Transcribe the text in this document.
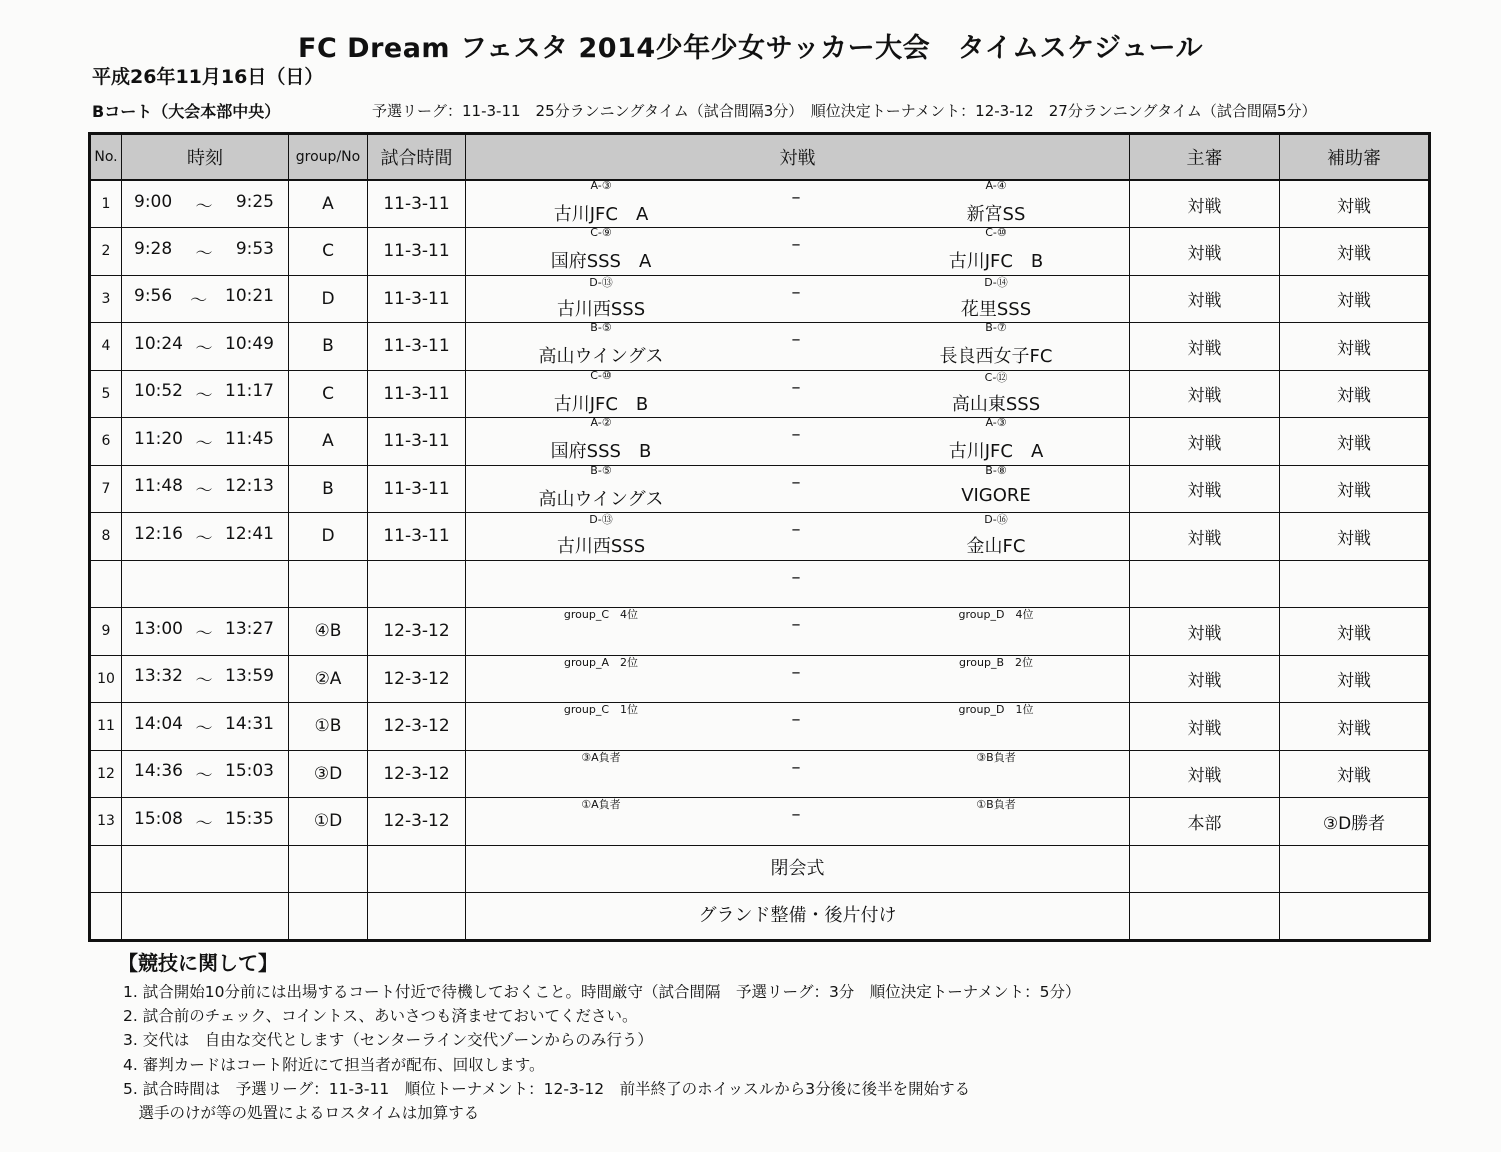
FC Dream フェスタ 2014少年少女サッカー大会　タイムスケジュール
平成26年11月16日（日）
Bコート（大会本部中央）	予選リーグ：11-3-11　25分ランニングタイム（試合間隔3分）　順位決定トーナメント：12-3-12　27分ランニングタイム（試合間隔5分）
No.	時刻	group/No	試合時間	対戦	主審	補助審
1	9:00 〜 9:25	A	11-3-11	A-③
古川JFC　A
–
A-④
新宮SS	対戦	対戦
2	9:28 〜 9:53	C	11-3-11	C-⑨
国府SSS　A
–
C-⑩
古川JFC　B	対戦	対戦
3	9:56 〜 10:21	D	11-3-11	D-⑬
古川西SSS
– D-⑭
花里SSS	対戦	対戦
4	10:24 〜 10:49	B	11-3-11	B-⑤
高山ウイングス
–
B-⑦
長良西女子FC	対戦	対戦
5	10:52 〜 11:17	C	11-3-11	C-⑩
古川JFC　B
– C-⑫
高山東SSS	対戦	対戦
6	11:20 〜 11:45	A	11-3-11	A-②
国府SSS　B
–
A-③
古川JFC　A	対戦	対戦
7	11:48 〜 12:13	B	11-3-11	B-⑤
高山ウイングス
–
B-⑧
VIGORE	対戦	対戦
8	12:16 〜 12:41	D	11-3-11	D-⑬
古川西SSS
– D-⑯
金山FC	対戦	対戦

				–		

9	13:00 〜 13:27	④B	12-3-12	group_C　4位 – group_D　4位	対戦	対戦
10	13:32 〜 13:59	②A	12-3-12	group_A　2位 – group_B　2位	対戦	対戦
11	14:04 〜 14:31	①B	12-3-12	group_C　1位 – group_D　1位	対戦	対戦
12	14:36 〜 15:03	③D	12-3-12	③A負者 – ③B負者	対戦	対戦
13	15:08 〜 15:35	①D	12-3-12	①A負者 – ①B負者	本部	③D勝者
				閉会式		
				グランド整備・後片付け		
【競技に関して】
1. 試合開始10分前には出場するコート付近で待機しておくこと。時間厳守（試合間隔　予選リーグ：3分　順位決定トーナメント：5分）
2. 試合前のチェック、コイントス、あいさつも済ませておいてください。
3. 交代は　自由な交代とします（センターライン交代ゾーンからのみ行う）
4. 審判カードはコート附近にて担当者が配布、回収します。
5. 試合時間は　予選リーグ：11-3-11　順位トーナメント：12-3-12　前半終了のホイッスルから3分後に後半を開始する
　選手のけが等の処置によるロスタイムは加算する
